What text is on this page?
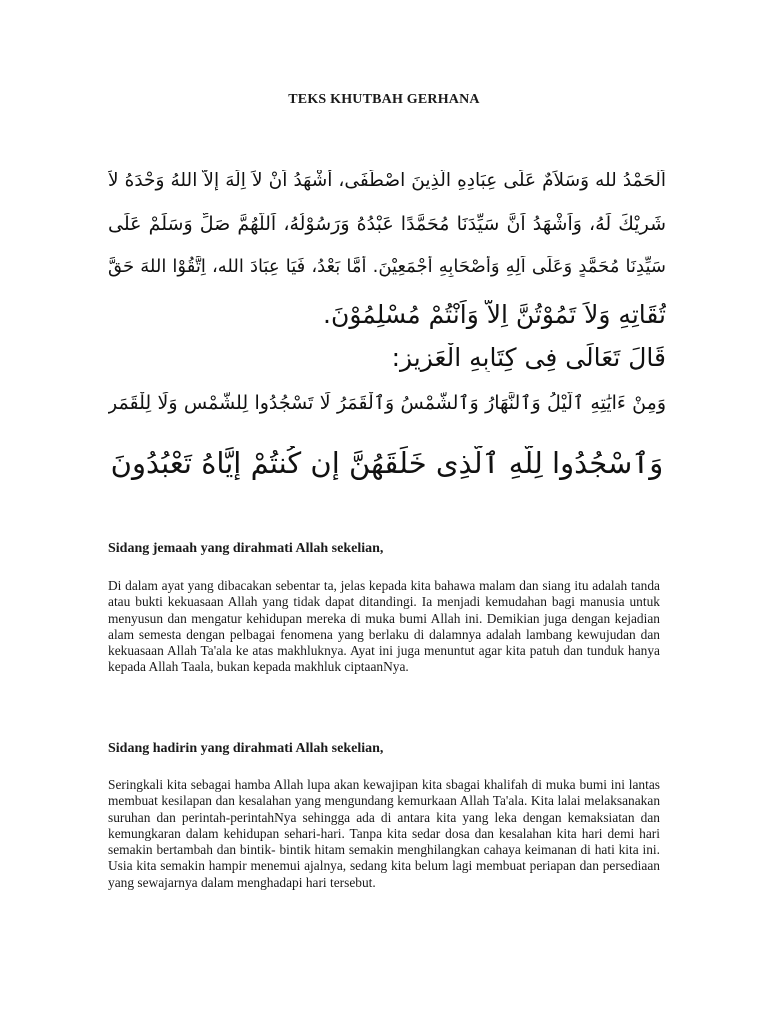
TEKS KHUTBAH GERHANA
اَلْحَمْدُ لله وَسَلاَمٌ عَلَى عِبَادِهِ الَّذِينَ اصْطَفَى، أَشْهَدُ اَنْ لاَ اِلَهَ إلاَّ اللهُ وَحْدَهُ لاَ
شَرِيْكَ لَهُ، وَاَشْهَدُ اَنَّ سَيِّدَنَا مُحَمَّدًا عَبْدُهُ وَرَسُوْلُهُ، اَللَّهُمَّ صَلِّ وَسَلِّمْ عَلَى
سَيِّدِنَا مُحَمَّدٍ وَعَلَى اَلِهِ وَأَصْحَابِهِ أَجْمَعِيْنَ. أَمَّا بَعْدُ، فَيَا عِبَادَ الله، اِتَّقُوْا اللهَ حَقَّ
تُقَاتِهِ وَلاَ تَمُوْتُنَّ اِلاَّ وَاَنْتُمْ مُسْلِمُوْنَ.
قَالَ تَعَالَى فِى كِتَابِهِ الْعَزِيزِ:
وَمِنْ ءَايَٰتِهِ ٱلَّيْلُ وَٱلنَّهَارُ وَٱلشَّمْسُ وَٱلْقَمَرُ لَا تَسْجُدُوا لِلشَّمْسِ وَلَا لِلْقَمَرِ
وَٱسْجُدُوا لِلَّهِ ٱلَّذِى خَلَقَهُنَّ إِن كُنتُمْ إِيَّاهُ تَعْبُدُونَ
Sidang jemaah yang dirahmati Allah sekelian,
Di dalam ayat yang dibacakan sebentar ta, jelas kepada kita bahawa malam dan siang itu adalah tanda atau bukti kekuasaan Allah yang tidak dapat ditandingi. Ia menjadi kemudahan bagi manusia untuk menyusun dan mengatur kehidupan mereka di muka bumi Allah ini. Demikian juga dengan kejadian alam semesta dengan pelbagai fenomena yang berlaku di dalamnya adalah lambang kewujudan dan kekuasaan Allah Ta'ala ke atas makhluknya. Ayat ini juga menuntut agar kita patuh dan tunduk hanya kepada Allah Taala, bukan kepada makhluk ciptaanNya.
Sidang hadirin yang dirahmati Allah sekelian,
Seringkali kita sebagai hamba Allah lupa akan kewajipan kita sbagai khalifah di muka bumi ini lantas membuat kesilapan dan kesalahan yang mengundang kemurkaan Allah Ta'ala. Kita lalai melaksanakan suruhan dan perintah-perintahNya sehingga ada di antara kita yang leka dengan kemaksiatan dan kemungkaran dalam kehidupan sehari-hari. Tanpa kita sedar dosa dan kesalahan kita hari demi hari semakin bertambah dan bintik- bintik hitam semakin menghilangkan cahaya keimanan di hati kita ini. Usia kita semakin hampir menemui ajalnya, sedang kita belum lagi membuat periapan dan persediaan yang sewajarnya dalam menghadapi hari tersebut.
